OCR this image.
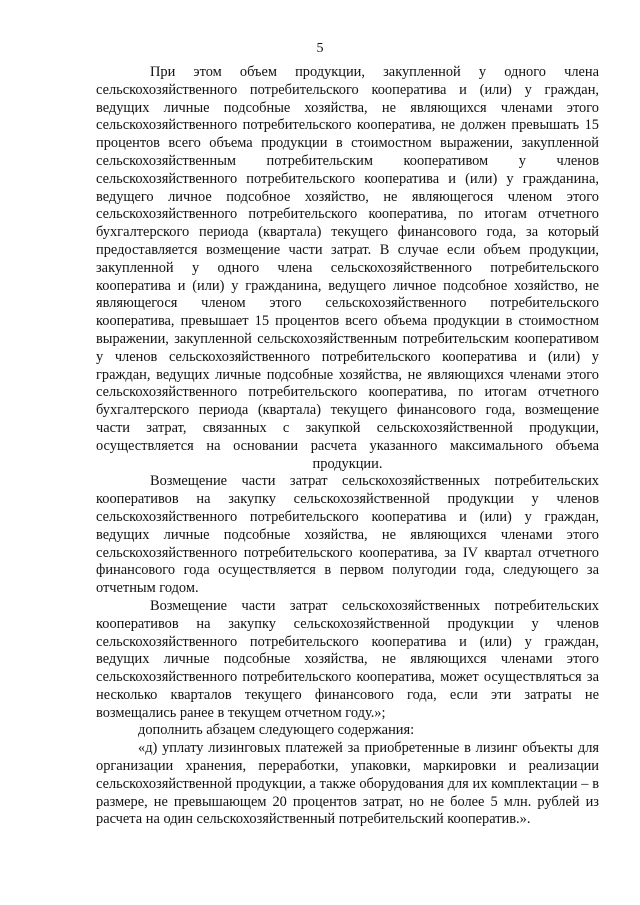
5

При этом объем продукции, закупленной у одного члена сельскохозяйственного потребительского кооператива и (или) у граждан, ведущих личные подсобные хозяйства, не являющихся членами этого сельскохозяйственного потребительского кооператива, не должен превышать 15 процентов всего объема продукции в стоимостном выражении, закупленной сельскохозяйственным потребительским кооперативом у членов сельскохозяйственного потребительского кооператива и (или) у гражданина, ведущего личное подсобное хозяйство, не являющегося членом этого сельскохозяйственного потребительского кооператива, по итогам отчетного бухгалтерского периода (квартала) текущего финансового года, за который предоставляется возмещение части затрат. В случае если объем продукции, закупленной у одного члена сельскохозяйственного потребительского кооператива и (или) у гражданина, ведущего личное подсобное хозяйство, не являющегося членом этого сельскохозяйственного потребительского кооператива, превышает 15 процентов всего объема продукции в стоимостном выражении, закупленной сельскохозяйственным потребительским кооперативом у членов сельскохозяйственного потребительского кооператива и (или) у граждан, ведущих личные подсобные хозяйства, не являющихся членами этого сельскохозяйственного потребительского кооператива, по итогам отчетного бухгалтерского периода (квартала) текущего финансового года, возмещение части затрат, связанных с закупкой сельскохозяйственной продукции, осуществляется на основании расчета указанного максимального объема продукции.

Возмещение части затрат сельскохозяйственных потребительских кооперативов на закупку сельскохозяйственной продукции у членов сельскохозяйственного потребительского кооператива и (или) у граждан, ведущих личные подсобные хозяйства, не являющихся членами этого сельскохозяйственного потребительского кооператива, за IV квартал отчетного финансового года осуществляется в первом полугодии года, следующего за отчетным годом.

Возмещение части затрат сельскохозяйственных потребительских кооперативов на закупку сельскохозяйственной продукции у членов сельскохозяйственного потребительского кооператива и (или) у граждан, ведущих личные подсобные хозяйства, не являющихся членами этого сельскохозяйственного потребительского кооператива, может осуществляться за несколько кварталов текущего финансового года, если эти затраты не возмещались ранее в текущем отчетном году.»;

дополнить абзацем следующего содержания:

«д) уплату лизинговых платежей за приобретенные в лизинг объекты для организации хранения, переработки, упаковки, маркировки и реализации сельскохозяйственной продукции, а также оборудования для их комплектации – в размере, не превышающем 20 процентов затрат, но не более 5 млн. рублей из расчета на один сельскохозяйственный потребительский кооператив.».
